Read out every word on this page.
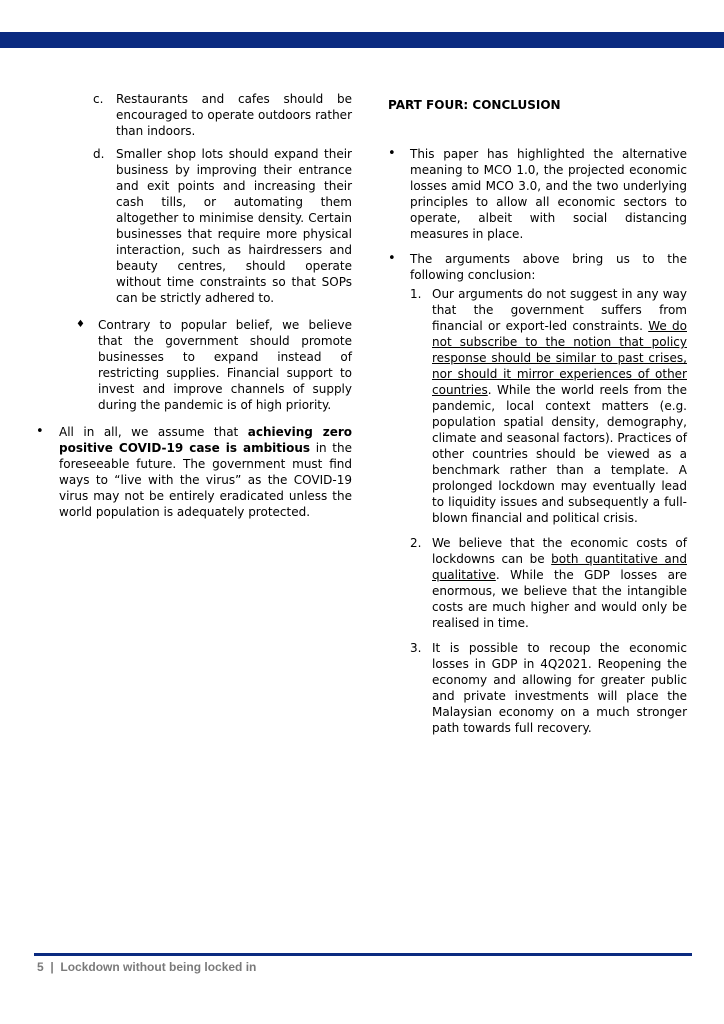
c. Restaurants and cafes should be encouraged to operate outdoors rather than indoors.

d. Smaller shop lots should expand their business by improving their entrance and exit points and increasing their cash tills, or automating them altogether to minimise density. Certain businesses that require more physical interaction, such as hairdressers and beauty centres, should operate without time constraints so that SOPs can be strictly adhered to.

♦ Contrary to popular belief, we believe that the government should promote businesses to expand instead of restricting supplies. Financial support to invest and improve channels of supply during the pandemic is of high priority.

• All in all, we assume that achieving zero positive COVID-19 case is ambitious in the foreseeable future. The government must find ways to “live with the virus” as the COVID-19 virus may not be entirely eradicated unless the world population is adequately protected.

PART FOUR: CONCLUSION

• This paper has highlighted the alternative meaning to MCO 1.0, the projected economic losses amid MCO 3.0, and the two underlying principles to allow all economic sectors to operate, albeit with social distancing measures in place.

• The arguments above bring us to the following conclusion:

1. Our arguments do not suggest in any way that the government suffers from financial or export-led constraints. We do not subscribe to the notion that policy response should be similar to past crises, nor should it mirror experiences of other countries. While the world reels from the pandemic, local context matters (e.g. population spatial density, demography, climate and seasonal factors). Practices of other countries should be viewed as a benchmark rather than a template. A prolonged lockdown may eventually lead to liquidity issues and subsequently a full-blown financial and political crisis.

2. We believe that the economic costs of lockdowns can be both quantitative and qualitative. While the GDP losses are enormous, we believe that the intangible costs are much higher and would only be realised in time.

3. It is possible to recoup the economic losses in GDP in 4Q2021. Reopening the economy and allowing for greater public and private investments will place the Malaysian economy on a much stronger path towards full recovery.

5 | Lockdown without being locked in
